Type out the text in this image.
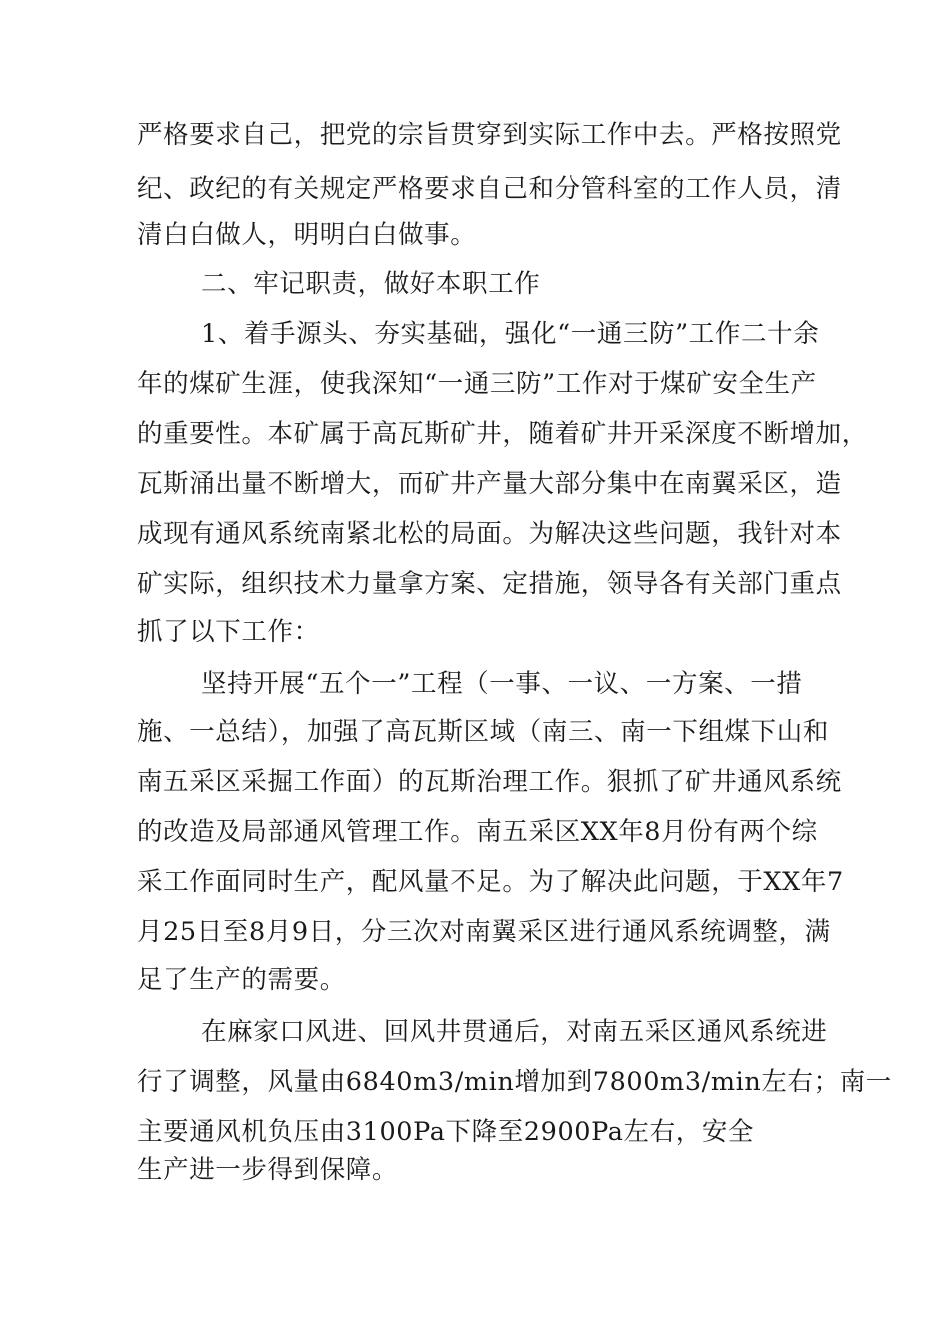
严格要求自己，把党的宗旨贯穿到实际工作中去。严格按照党
纪、政纪的有关规定严格要求自己和分管科室的工作人员，清
清白白做人，明明白白做事。
二、牢记职责，做好本职工作
1、着手源头、夯实基础，强化“一通三防”工作二十余
年的煤矿生涯，使我深知“一通三防”工作对于煤矿安全生产
的重要性。本矿属于高瓦斯矿井，随着矿井开采深度不断增加，
瓦斯涌出量不断增大，而矿井产量大部分集中在南翼采区，造
成现有通风系统南紧北松的局面。为解决这些问题，我针对本
矿实际，组织技术力量拿方案、定措施，领导各有关部门重点
抓了以下工作：
坚持开展“五个一”工程（一事、一议、一方案、一措
施、一总结），加强了高瓦斯区域（南三、南一下组煤下山和
南五采区采掘工作面）的瓦斯治理工作。狠抓了矿井通风系统
的改造及局部通风管理工作。南五采区XX年8月份有两个综
采工作面同时生产，配风量不足。为了解决此问题，于XX年7
月25日至8月9日，分三次对南翼采区进行通风系统调整，满
足了生产的需要。
在麻家口风进、回风井贯通后，对南五采区通风系统进
行了调整，风量由6840m3/min增加到7800m3/min左右；南一
主要通风机负压由3100Pa下降至2900Pa左右，安全
生产进一步得到保障。
